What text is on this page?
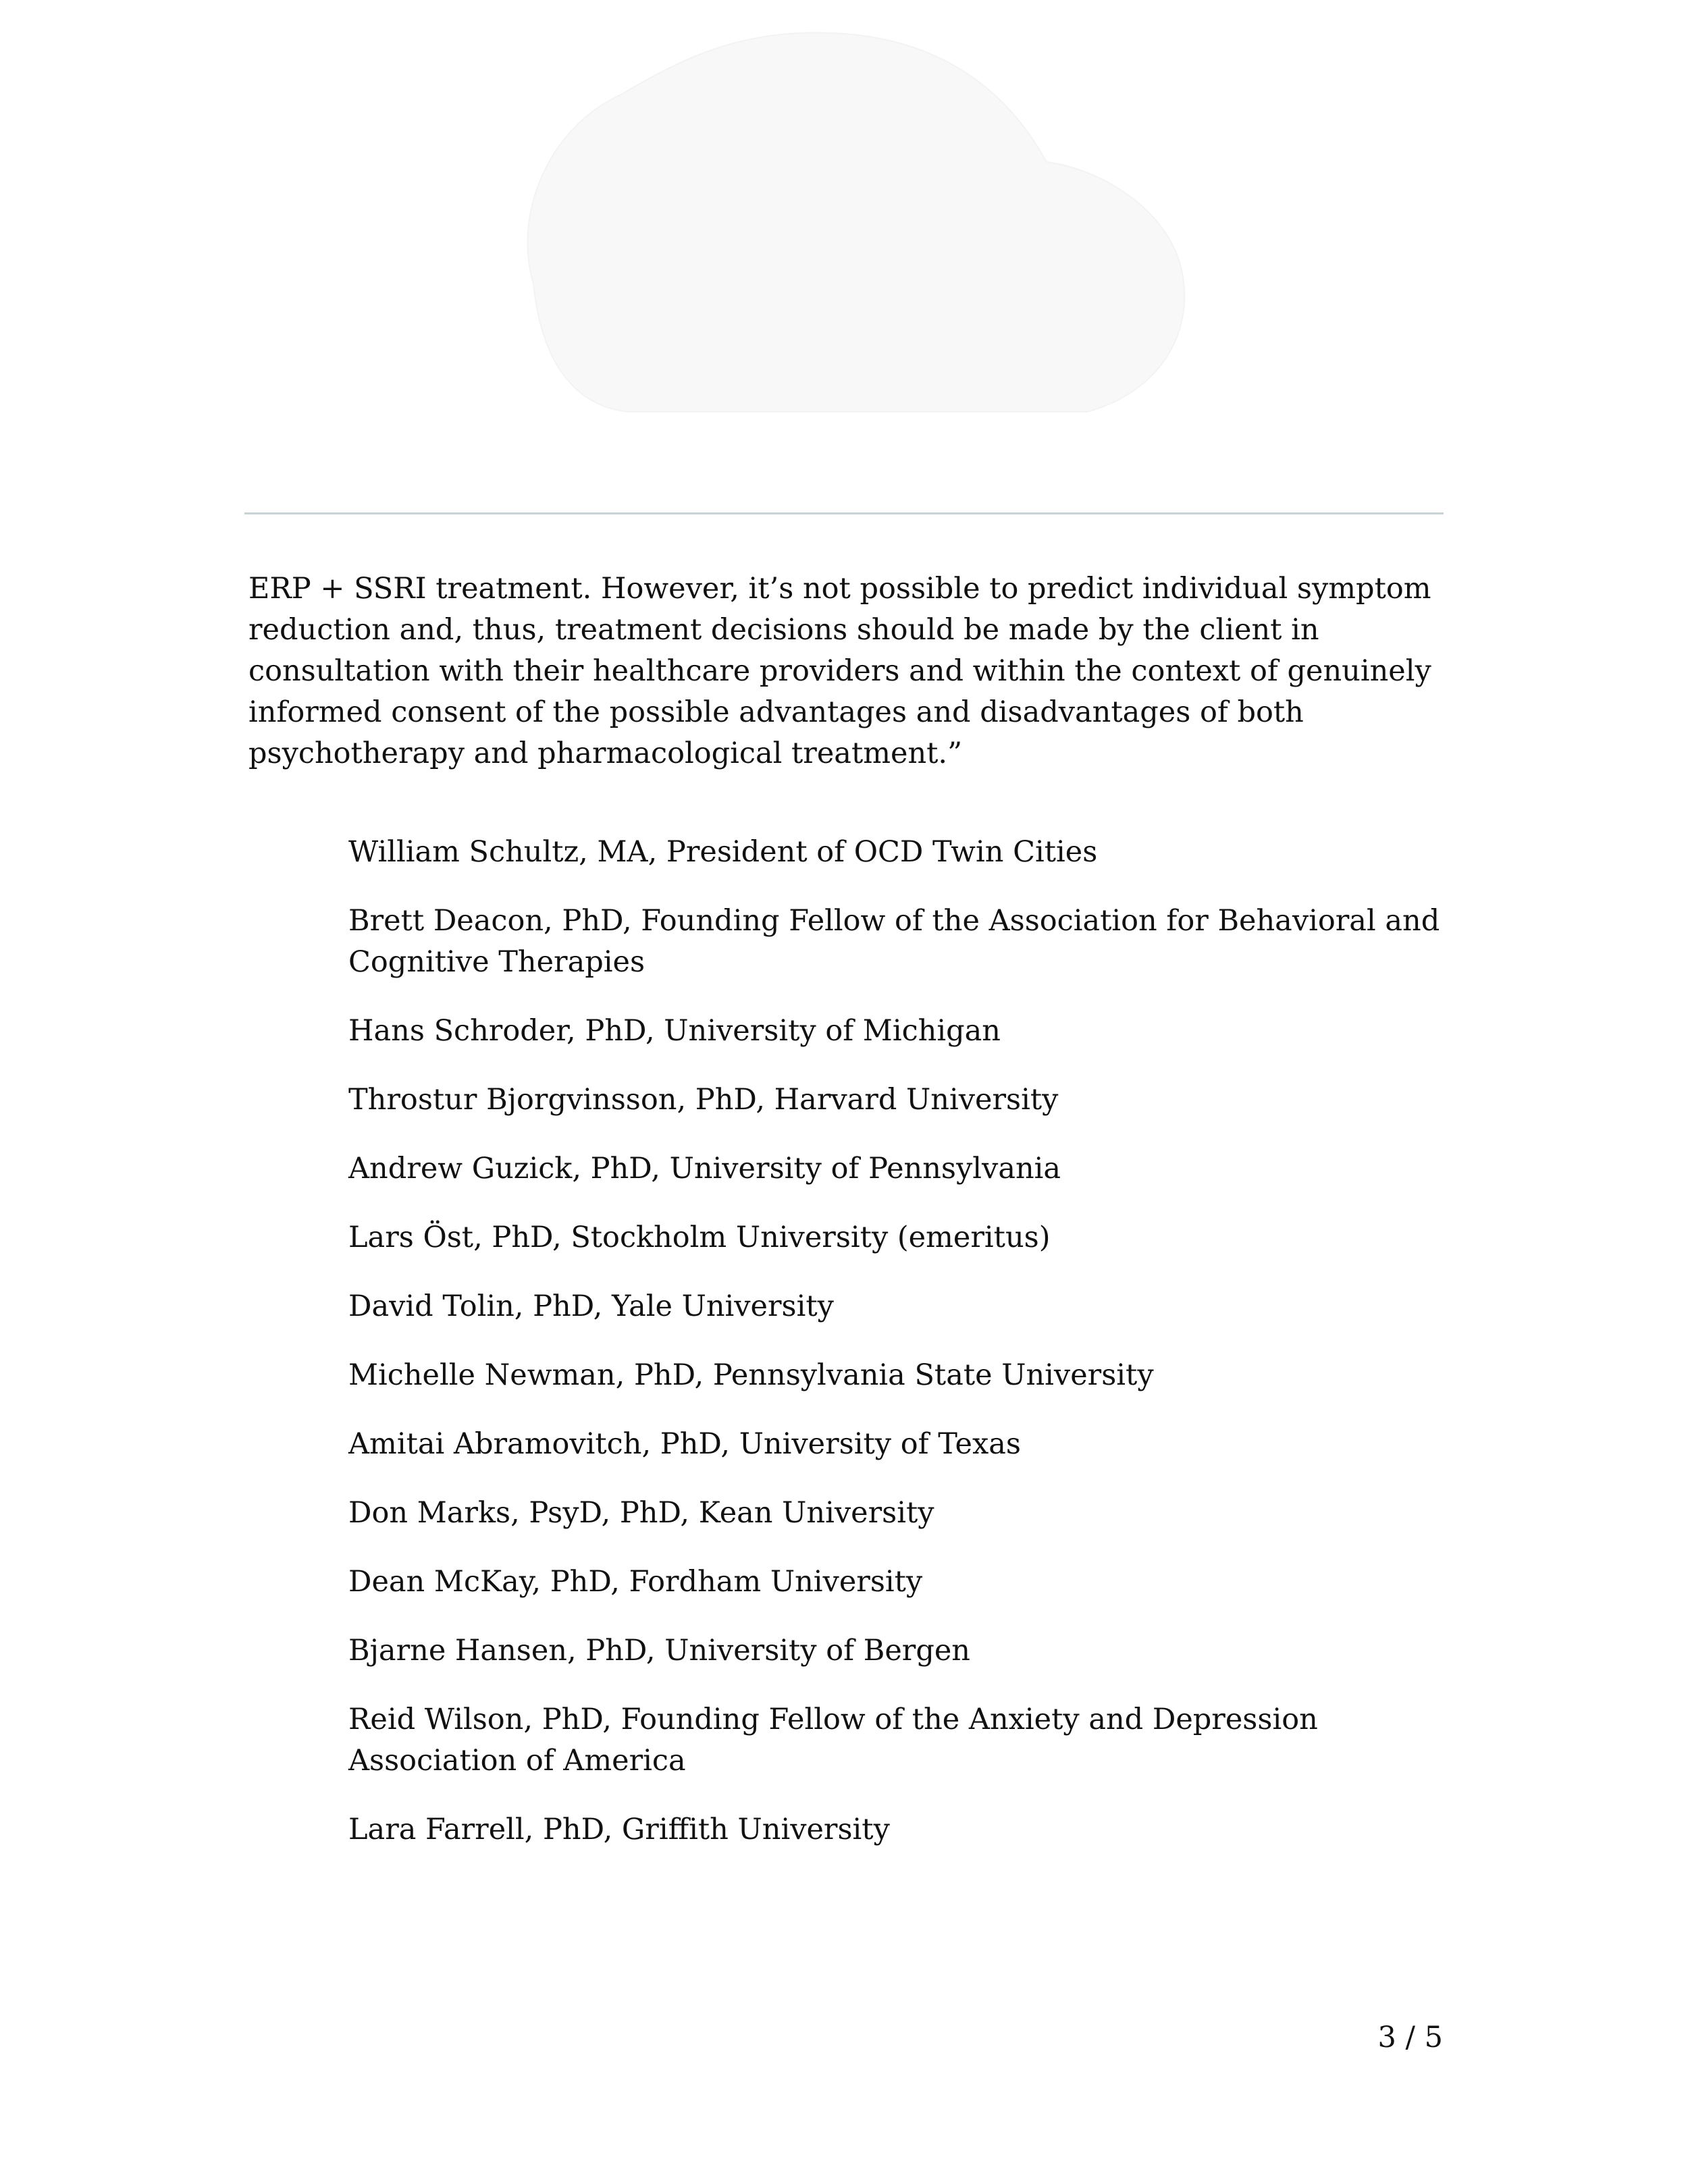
ERP + SSRI treatment. However, it’s not possible to predict individual symptom reduction and, thus, treatment decisions should be made by the client in consultation with their healthcare providers and within the context of genuinely informed consent of the possible advantages and disadvantages of both psychotherapy and pharmacological treatment.”

William Schultz, MA, President of OCD Twin Cities
Brett Deacon, PhD, Founding Fellow of the Association for Behavioral and Cognitive Therapies
Hans Schroder, PhD, University of Michigan
Throstur Bjorgvinsson, PhD, Harvard University
Andrew Guzick, PhD, University of Pennsylvania
Lars Öst, PhD, Stockholm University (emeritus)
David Tolin, PhD, Yale University
Michelle Newman, PhD, Pennsylvania State University
Amitai Abramovitch, PhD, University of Texas
Don Marks, PsyD, PhD, Kean University
Dean McKay, PhD, Fordham University
Bjarne Hansen, PhD, University of Bergen
Reid Wilson, PhD, Founding Fellow of the Anxiety and Depression Association of America
Lara Farrell, PhD, Griffith University
3 / 5
